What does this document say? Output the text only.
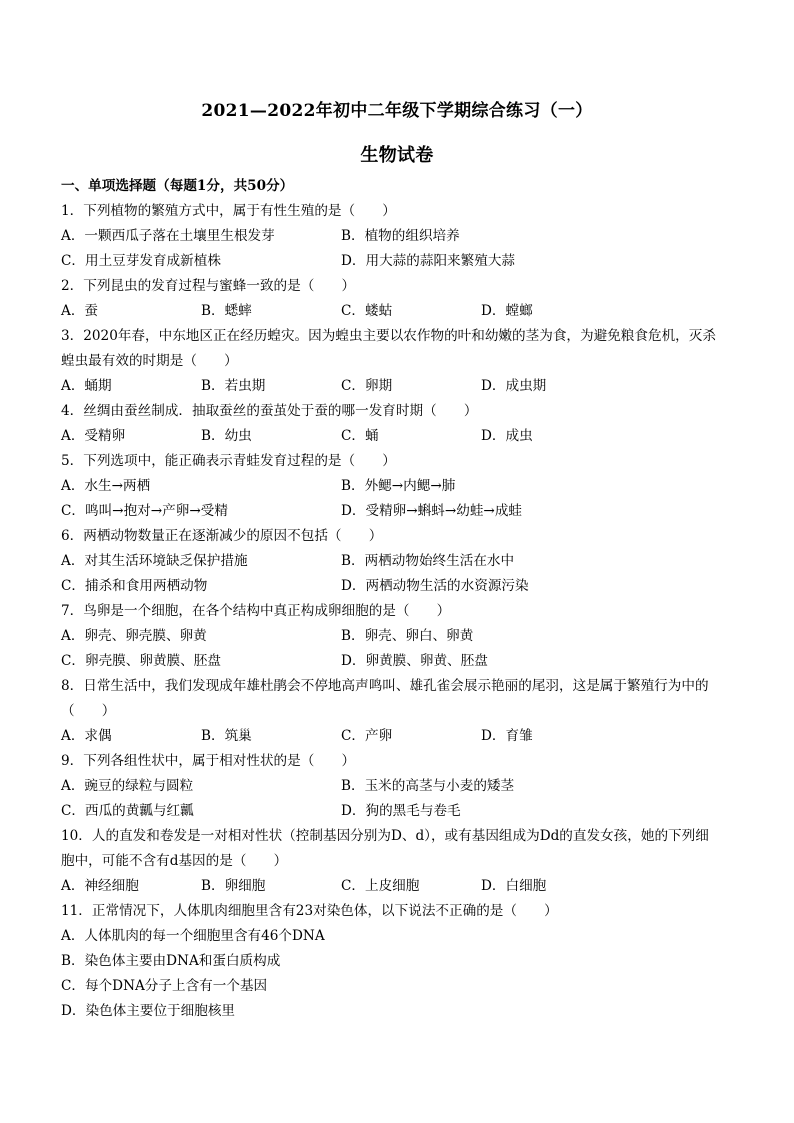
2021—2022年初中二年级下学期综合练习（一）
生物试卷
一、单项选择题（每题1分，共50分）
1．下列植物的繁殖方式中，属于有性生殖的是（　　）
A．一颗西瓜子落在土壤里生根发芽	B．植物的组织培养
C．用土豆芽发育成新植株	D．用大蒜的蒜阳来繁殖大蒜
2．下列昆虫的发育过程与蜜蜂一致的是（　　）
A．蚕	B．蟋蟀	C．蝼蛄	D．螳螂
3．2020年春，中东地区正在经历蝗灾。因为蝗虫主要以农作物的叶和幼嫩的茎为食，为避免粮食危机，灭杀
蝗虫最有效的时期是（　　）
A．蛹期	B．若虫期	C．卵期	D．成虫期
4．丝绸由蚕丝制成．抽取蚕丝的蚕茧处于蚕的哪一发育时期（　　）
A．受精卵	B．幼虫	C．蛹	D．成虫
5．下列选项中，能正确表示青蛙发育过程的是（　　）
A．水生→两栖	B．外鳃→内鳃→肺
C．鸣叫→抱对→产卵→受精	D．受精卵→蝌蚪→幼蛙→成蛙
6．两栖动物数量正在逐渐减少的原因不包括（　　）
A．对其生活环境缺乏保护措施	B．两栖动物始终生活在水中
C．捕杀和食用两栖动物	D．两栖动物生活的水资源污染
7．鸟卵是一个细胞，在各个结构中真正构成卵细胞的是（　　）
A．卵壳、卵壳膜、卵黄	B．卵壳、卵白、卵黄
C．卵壳膜、卵黄膜、胚盘	D．卵黄膜、卵黄、胚盘
8．日常生活中，我们发现成年雄杜鹃会不停地高声鸣叫、雄孔雀会展示艳丽的尾羽，这是属于繁殖行为中的
（　　）
A．求偶	B．筑巢	C．产卵	D．育雏
9．下列各组性状中，属于相对性状的是（　　）
A．豌豆的绿粒与圆粒	B．玉米的高茎与小麦的矮茎
C．西瓜的黄瓤与红瓤	D．狗的黑毛与卷毛
10．人的直发和卷发是一对相对性状（控制基因分别为D、d），或有基因组成为Dd的直发女孩，她的下列细
胞中，可能不含有d基因的是（　　）
A．神经细胞	B．卵细胞	C．上皮细胞	D．白细胞
11．正常情况下，人体肌肉细胞里含有23对染色体，以下说法不正确的是（　　）
A．人体肌肉的每一个细胞里含有46个DNA
B．染色体主要由DNA和蛋白质构成
C．每个DNA分子上含有一个基因
D．染色体主要位于细胞核里
